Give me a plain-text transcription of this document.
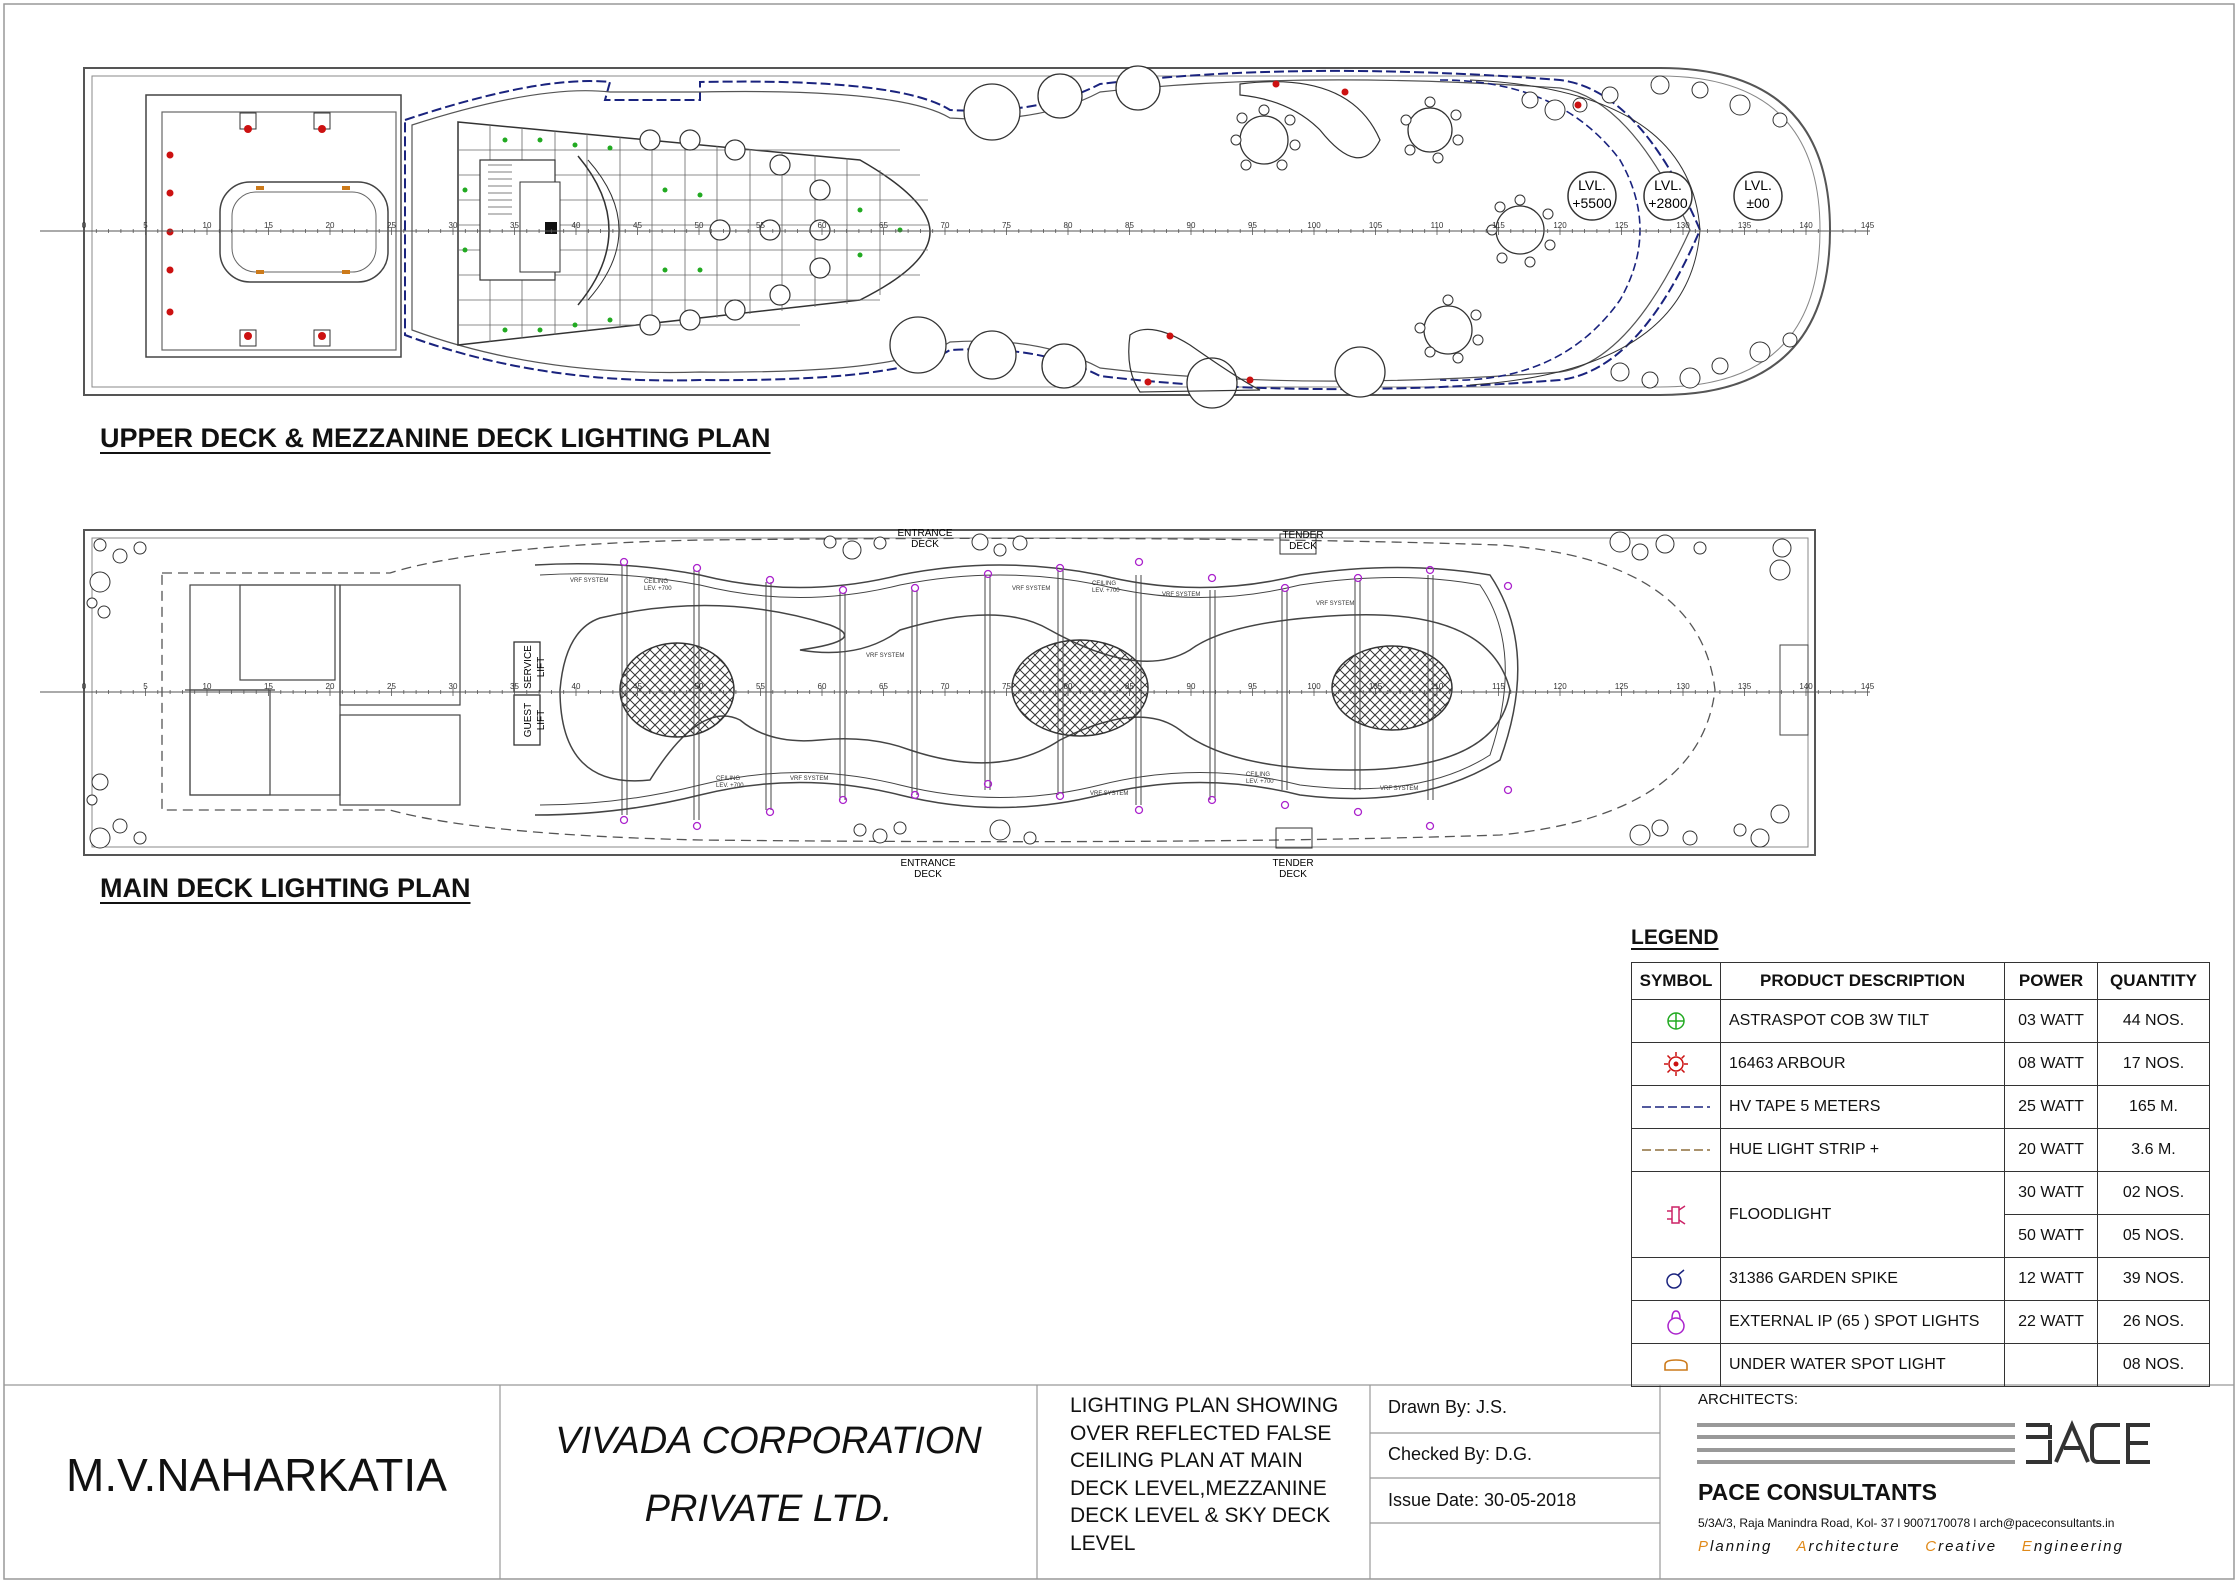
LVL.
+5500
LVL.
+2800
LVL.
±00
SERVICE LIFT
GUEST LIFT
ENTRANCE
DECK
ENTRANCE
DECK
TENDER
DECK
TENDER
DECK
VRF SYSTEM
VRF SYSTEM
VRF SYSTEM
VRF SYSTEM
VRF SYSTEM
VRF SYSTEM
VRF SYSTEM
VRF SYSTEM
CEILING
LEV. +700
CEILING
LEV. +700
CEILING
LEV. +700
CEILING
LEV. +700
0	5	10	15	20	25	30	35	40	45	50	55	60	65	70	75	80	85	90	95	100	105	110	115	120	125	130	135	140	145
0	5	10	15	20	25	30	35	40	45	50	55	60	65	70	75	80	85	90	95	100	105	110	115	120	125	130	135	140	145
UPPER DECK & MEZZANINE DECK LIGHTING PLAN
MAIN DECK LIGHTING PLAN
LEGEND
SYMBOL	PRODUCT DESCRIPTION	POWER	QUANTITY

	ASTRASPOT COB 3W TILT	03 WATT	44 NOS.

	16463 ARBOUR	08 WATT	17 NOS.

	HV TAPE 5 METERS	25 WATT	165 M.

	HUE LIGHT STRIP +	20 WATT	3.6 M.

	FLOODLIGHT	30 WATT	02 NOS.
		50 WATT	05 NOS.

	31386 GARDEN SPIKE	12 WATT	39 NOS.

	EXTERNAL IP (65 ) SPOT LIGHTS	22 WATT	26 NOS.

	UNDER WATER SPOT LIGHT		08 NOS.
M.V.NAHARKATIA
VIVADA CORPORATION
PRIVATE LTD.
LIGHTING PLAN SHOWING
OVER REFLECTED FALSE
CEILING PLAN AT MAIN
DECK LEVEL,MEZZANINE
DECK LEVEL & SKY DECK
LEVEL
Drawn By: J.S.
Checked By: D.G.
Issue Date: 30-05-2018
ARCHITECTS:
PACE CONSULTANTS
5/3A/3, Raja Manindra Road, Kol- 37 l 9007170078 l arch@paceconsultants.in
Planning Architecture Creative Engineering
